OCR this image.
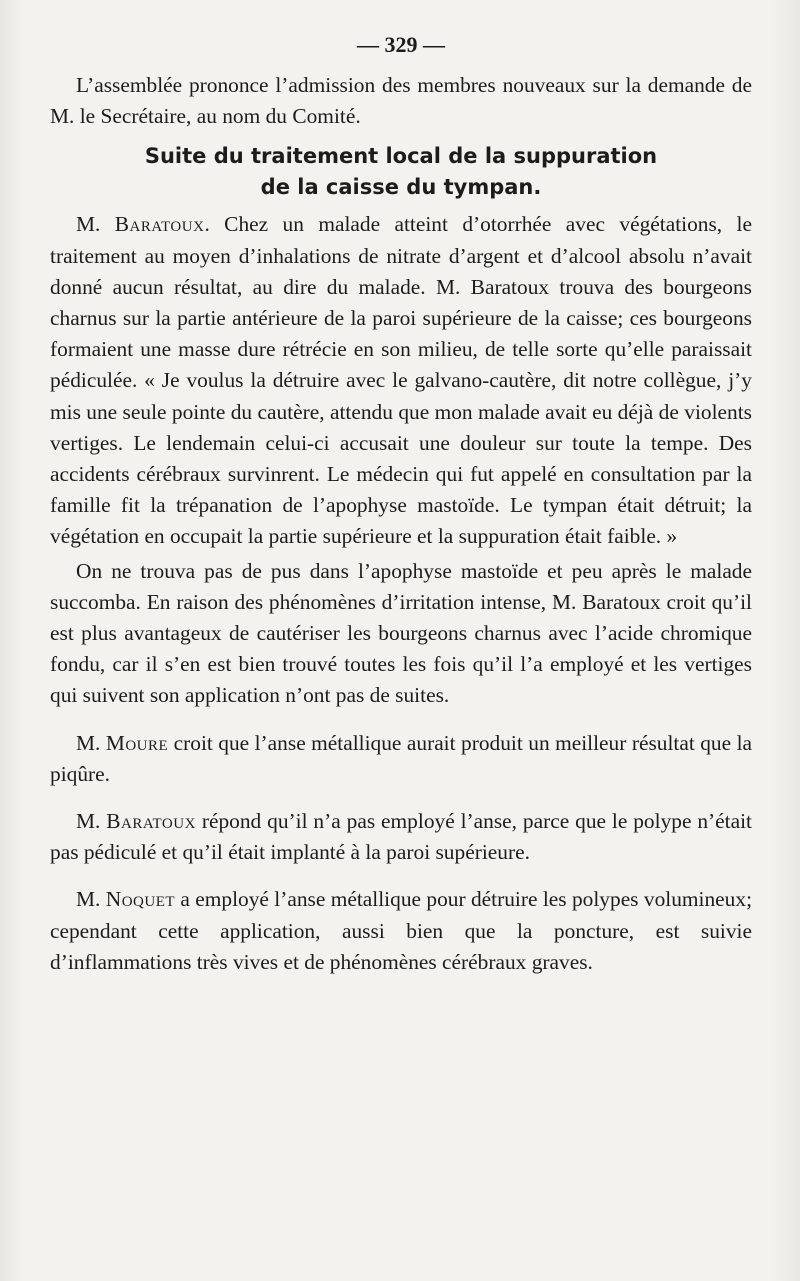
— 329 —

L’assemblée prononce l’admission des membres nouveaux sur la demande de M. le Secrétaire, au nom du Comité.

Suite du traitement local de la suppuration
de la caisse du tympan.

M. Baratoux. Chez un malade atteint d’otorrhée avec végétations, le traitement au moyen d’inhalations de nitrate d’argent et d’alcool absolu n’avait donné aucun résultat, au dire du malade. M. Baratoux trouva des bourgeons charnus sur la partie antérieure de la paroi supérieure de la caisse; ces bourgeons formaient une masse dure rétrécie en son milieu, de telle sorte qu’elle paraissait pédiculée. « Je voulus la détruire avec le galvano-cautère, dit notre collègue, j’y mis une seule pointe du cautère, attendu que mon malade avait eu déjà de violents vertiges. Le lendemain celui-ci accusait une douleur sur toute la tempe. Des accidents cérébraux survinrent. Le médecin qui fut appelé en consultation par la famille fit la trépanation de l’apophyse mastoïde. Le tympan était détruit; la végétation en occupait la partie supérieure et la suppuration était faible. »

On ne trouva pas de pus dans l’apophyse mastoïde et peu après le malade succomba. En raison des phénomènes d’irritation intense, M. Baratoux croit qu’il est plus avantageux de cautériser les bourgeons charnus avec l’acide chromique fondu, car il s’en est bien trouvé toutes les fois qu’il l’a employé et les vertiges qui suivent son application n’ont pas de suites.

M. Moure croit que l’anse métallique aurait produit un meilleur résultat que la piqûre.

M. Baratoux répond qu’il n’a pas employé l’anse, parce que le polype n’était pas pédiculé et qu’il était implanté à la paroi supérieure.

M. Noquet a employé l’anse métallique pour détruire les polypes volumineux; cependant cette application, aussi bien que la poncture, est suivie d’inflammations très vives et de phénomènes cérébraux graves.
